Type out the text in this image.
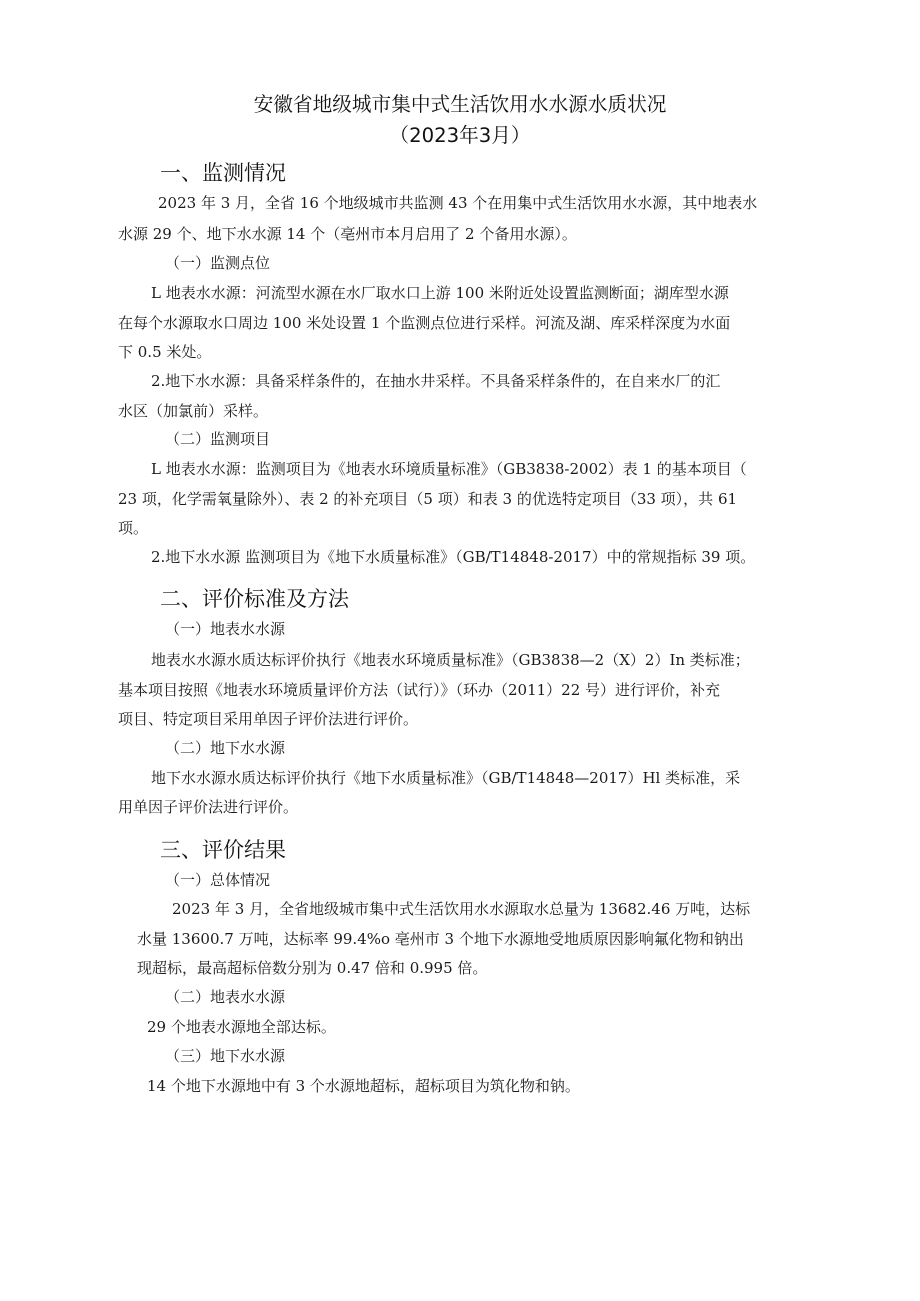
安徽省地级城市集中式生活饮用水水源水质状况
（2023年3月）
一、监测情况
2023 年 3 月，全省 16 个地级城市共监测 43 个在用集中式生活饮用水水源，其中地表水
水源 29 个、地下水水源 14 个（亳州市本月启用了 2 个备用水源）。
（一）监测点位
L 地表水水源：河流型水源在水厂取水口上游 100 米附近处设置监测断面；湖库型水源
在每个水源取水口周边 100 米处设置 1 个监测点位进行采样。河流及湖、库采样深度为水面
下 0.5 米处。
2.地下水水源：具备采样条件的，在抽水井采样。不具备采样条件的，在自来水厂的汇
水区（加氯前）采样。
（二）监测项目
L 地表水水源：监测项目为《地表水环境质量标准》（GB3838-2002）表 1 的基本项目（
23 项，化学需氧量除外）、表 2 的补充项目（5 项）和表 3 的优选特定项目（33 项），共 61
项。
2.地下水水源 监测项目为《地下水质量标准》（GB/T14848-2017）中的常规指标 39 项。
二、评价标准及方法
（一）地表水水源
地表水水源水质达标评价执行《地表水环境质量标准》（GB3838—2（X）2）In 类标准；
基本项目按照《地表水环境质量评价方法（试行）》（环办（2011）22 号）进行评价，补充
项目、特定项目采用单因子评价法进行评价。
（二）地下水水源
地下水水源水质达标评价执行《地下水质量标准》（GB/T14848—2017）Hl 类标准，采
用单因子评价法进行评价。
三、评价结果
（一）总体情况
2023 年 3 月，全省地级城市集中式生活饮用水水源取水总量为 13682.46 万吨，达标
水量 13600.7 万吨，达标率 99.4%o 亳州市 3 个地下水源地受地质原因影响氟化物和钠出
现超标，最高超标倍数分别为 0.47 倍和 0.995 倍。
（二）地表水水源
29 个地表水源地全部达标。
（三）地下水水源
14 个地下水源地中有 3 个水源地超标，超标项目为筑化物和钠。
